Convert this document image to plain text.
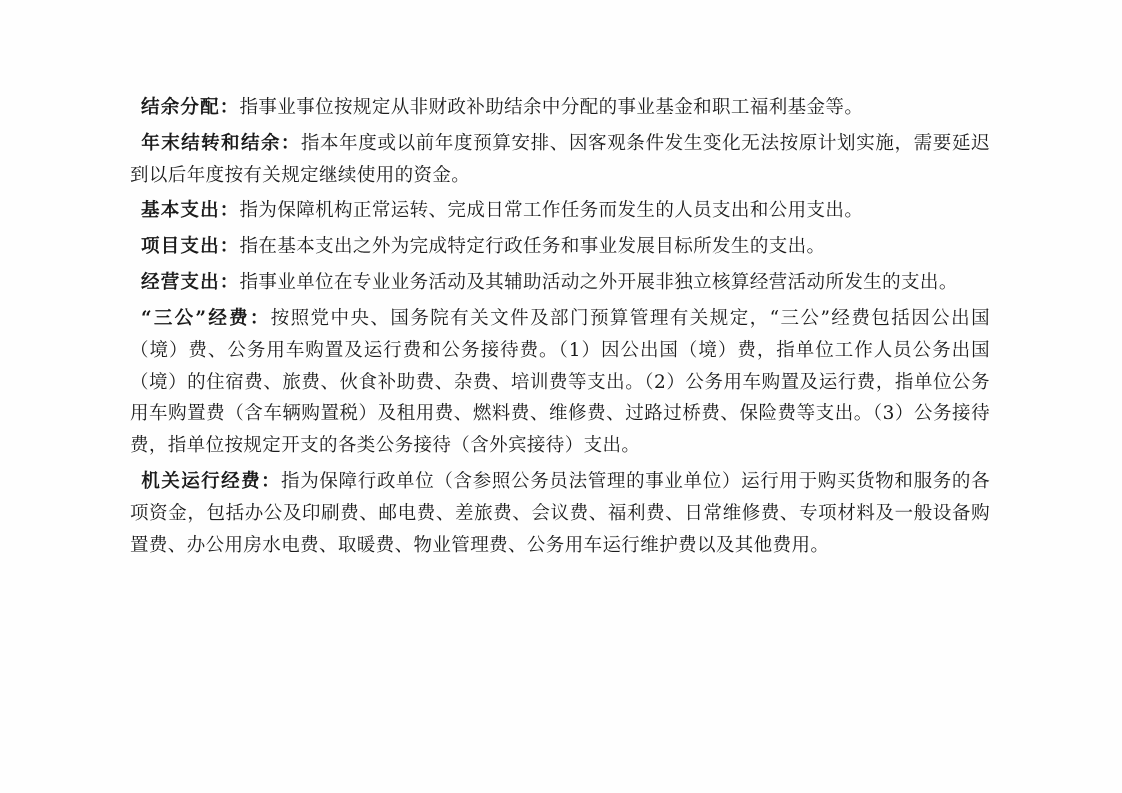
结余分配：指事业事位按规定从非财政补助结余中分配的事业基金和职工福利基金等。

年末结转和结余：指本年度或以前年度预算安排、因客观条件发生变化无法按原计划实施，需要延迟到以后年度按有关规定继续使用的资金。

基本支出：指为保障机构正常运转、完成日常工作任务而发生的人员支出和公用支出。

项目支出：指在基本支出之外为完成特定行政任务和事业发展目标所发生的支出。

经营支出：指事业单位在专业业务活动及其辅助活动之外开展非独立核算经营活动所发生的支出。

“三公”经费：按照党中央、国务院有关文件及部门预算管理有关规定，“三公”经费包括因公出国（境）费、公务用车购置及运行费和公务接待费。（1）因公出国（境）费，指单位工作人员公务出国（境）的住宿费、旅费、伙食补助费、杂费、培训费等支出。（2）公务用车购置及运行费，指单位公务用车购置费（含车辆购置税）及租用费、燃料费、维修费、过路过桥费、保险费等支出。（3）公务接待费，指单位按规定开支的各类公务接待（含外宾接待）支出。

机关运行经费：指为保障行政单位（含参照公务员法管理的事业单位）运行用于购买货物和服务的各项资金，包括办公及印刷费、邮电费、差旅费、会议费、福利费、日常维修费、专项材料及一般设备购置费、办公用房水电费、取暖费、物业管理费、公务用车运行维护费以及其他费用。
